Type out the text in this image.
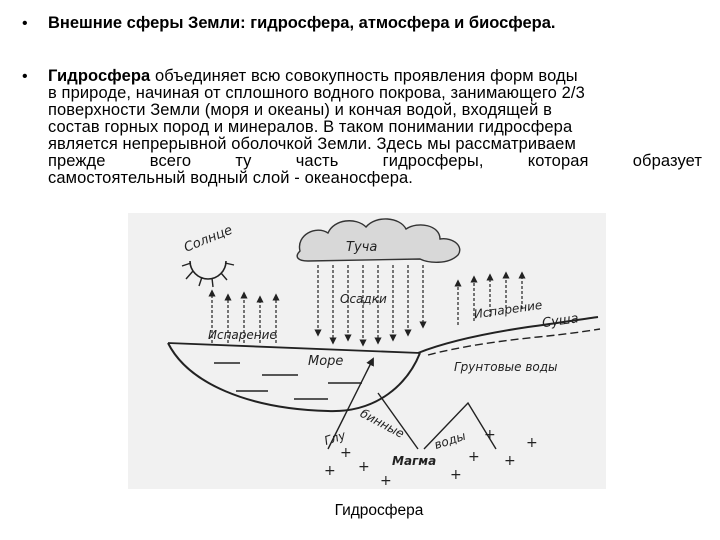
• Внешние сферы Земли: гидросфера, атмосфера и биосфера.
• Гидросфера объединяет всю совокупность проявления форм воды
в природе, начиная от сплошного водного покрова, занимающего 2/3
поверхности Земли (моря и океаны) и кончая водой, входящей в
состав горных пород и минералов. В таком понимании гидросфера
является непрерывной оболочкой Земли. Здесь мы рассматриваем
прежде всего ту часть гидросферы, которая образует
самостоятельный водный слой - океаносфера.
Солнце	Туча
Осадки
Испарение
Испарение
Суша
Грунтовые воды
Море
Глу бинные воды
Магма
+ +
+
+
+
+
+
+
+
Гидросфера
